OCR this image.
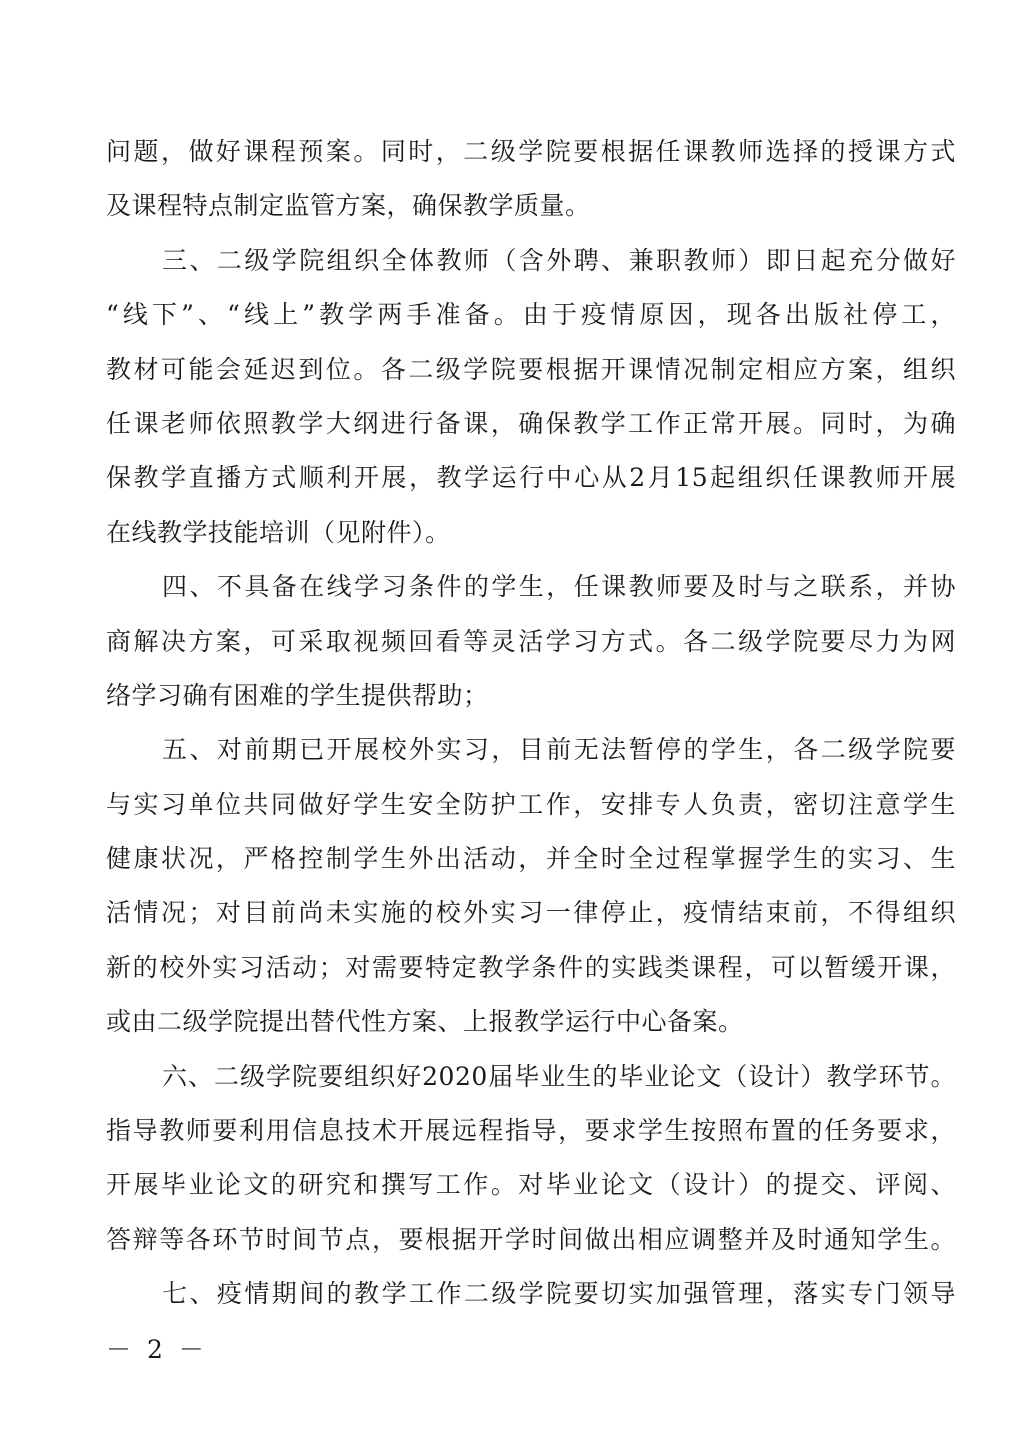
问题，做好课程预案。同时，二级学院要根据任课教师选择的授课方式
及课程特点制定监管方案，确保教学质量。
三、二级学院组织全体教师（含外聘、兼职教师）即日起充分做好
“线下”、“线上”教学两手准备。由于疫情原因，现各出版社停工，
教材可能会延迟到位。各二级学院要根据开课情况制定相应方案，组织
任课老师依照教学大纲进行备课，确保教学工作正常开展。同时，为确
保教学直播方式顺利开展，教学运行中心从2月15起组织任课教师开展
在线教学技能培训（见附件）。
四、不具备在线学习条件的学生，任课教师要及时与之联系，并协
商解决方案，可采取视频回看等灵活学习方式。各二级学院要尽力为网
络学习确有困难的学生提供帮助；
五、对前期已开展校外实习，目前无法暂停的学生，各二级学院要
与实习单位共同做好学生安全防护工作，安排专人负责，密切注意学生
健康状况，严格控制学生外出活动，并全时全过程掌握学生的实习、生
活情况；对目前尚未实施的校外实习一律停止，疫情结束前，不得组织
新的校外实习活动；对需要特定教学条件的实践类课程，可以暂缓开课，
或由二级学院提出替代性方案、上报教学运行中心备案。
六、二级学院要组织好2020届毕业生的毕业论文（设计）教学环节。
指导教师要利用信息技术开展远程指导，要求学生按照布置的任务要求，
开展毕业论文的研究和撰写工作。对毕业论文（设计）的提交、评阅、
答辩等各环节时间节点，要根据开学时间做出相应调整并及时通知学生。
七、疫情期间的教学工作二级学院要切实加强管理，落实专门领导
－ 2 －
